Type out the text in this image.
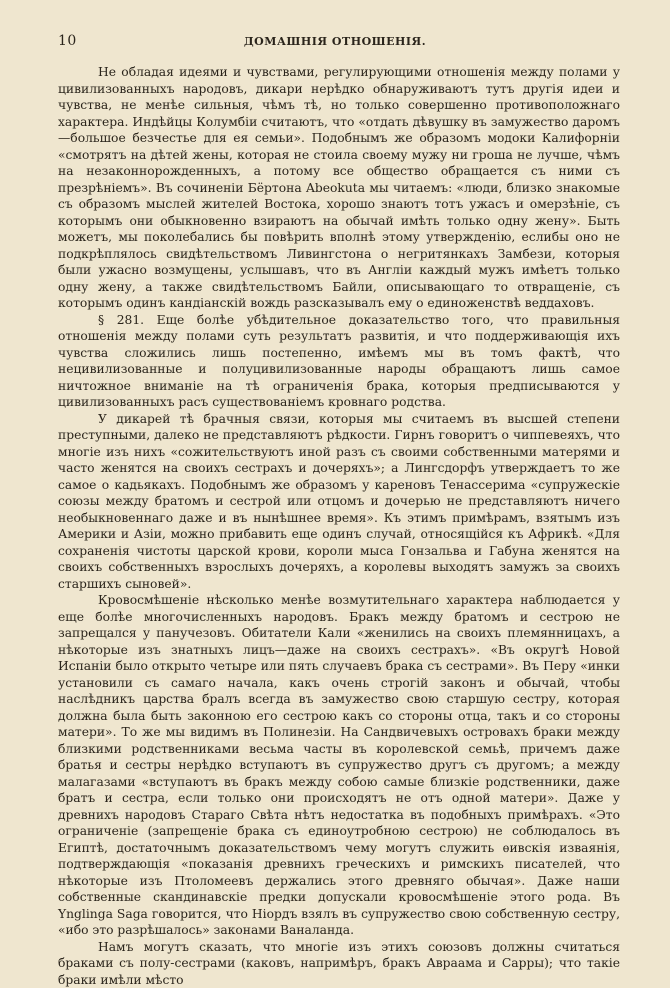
10	ДОМАШНІЯ ОТНОШЕНІЯ.

Не обладая идеями и чувствами, регулирующими отношенія между полами у цивилизованныхъ народовъ, дикари нерѣдко обнаруживаютъ тутъ другія идеи и чувства, не менѣе сильныя, чѣмъ тѣ, но только совершенно противоположнаго характера. Индѣйцы Колумбіи считаютъ, что «отдать дѣвушку въ замужество даромъ—большое безчестье для ея семьи». Подобнымъ же образомъ модоки Калифорніи «смотрятъ на дѣтей жены, которая не стоила своему мужу ни гроша не лучше, чѣмъ на незаконнорожденныхъ, а потому все общество обращается съ ними съ презрѣніемъ». Въ сочиненіи Бёртона Abeokuta мы читаемъ: «люди, близко знакомые съ образомъ мыслей жителей Востока, хорошо знаютъ тотъ ужасъ и омерзѣніе, съ которымъ они обыкновенно взираютъ на обычай имѣть только одну жену». Быть можетъ, мы поколебались бы повѣрить вполнѣ этому утвержденію, еслибы оно не подкрѣплялось свидѣтельствомъ Ливингстона о негритянкахъ Замбези, которыя были ужасно возмущены, услышавъ, что въ Англіи каждый мужъ имѣетъ только одну жену, а также свидѣтельствомъ Байли, описывающаго то отвращеніе, съ которымъ одинъ кандіанскій вождь разсказывалъ ему о единоженствѣ веддаховъ.

§ 281. Еще болѣе убѣдительное доказательство того, что правильныя отношенія между полами суть результатъ развитія, и что поддерживающія ихъ чувства сложились лишь постепенно, имѣемъ мы въ томъ фактѣ, что нецивилизованные и полуцивилизованные народы обращаютъ лишь самое ничтожное вниманіе на тѣ ограниченія брака, которыя предписываются у цивилизованныхъ расъ существованіемъ кровнаго родства.

У дикарей тѣ брачныя связи, которыя мы считаемъ въ высшей степени преступными, далеко не представляютъ рѣдкости. Гирнъ говоритъ о чиппевеяхъ, что многіе изъ нихъ «сожительствуютъ иной разъ съ своими собственными матерями и часто женятся на своихъ сестрахъ и дочеряхъ»; а Лингсдорфъ утверждаетъ то же самое о кадьякахъ. Подобнымъ же образомъ у кареновъ Тенассерима «супружескіе союзы между братомъ и сестрой или отцомъ и дочерью не представляютъ ничего необыкновеннаго даже и въ нынѣшнее время». Къ этимъ примѣрамъ, взятымъ изъ Америки и Азіи, можно прибавить еще одинъ случай, относящійся къ Африкѣ. «Для сохраненія чистоты царской крови, короли мыса Гонзальва и Габуна женятся на своихъ собственныхъ взрослыхъ дочеряхъ, а королевы выходятъ замужъ за своихъ старшихъ сыновей».

Кровосмѣшеніе нѣсколько менѣе возмутительнаго характера наблюдается у еще болѣе многочисленныхъ народовъ. Бракъ между братомъ и сестрою не запрещался у панучезовъ. Обитатели Кали «женились на своихъ племянницахъ, а нѣкоторые изъ знатныхъ лицъ—даже на своихъ сестрахъ». «Въ округѣ Новой Испаніи было открыто четыре или пять случаевъ брака съ сестрами». Въ Перу «инки установили съ самаго начала, какъ очень строгій законъ и обычай, чтобы наслѣдникъ царства бралъ всегда въ замужество свою старшую сестру, которая должна была быть законною его сестрою какъ со стороны отца, такъ и со стороны матери». То же мы видимъ въ Полинезіи. На Сандвичевыхъ островахъ браки между близкими родственниками весьма часты въ королевской семьѣ, причемъ даже братья и сестры нерѣдко вступаютъ въ супружество другъ съ другомъ; а между малагазами «вступаютъ въ бракъ между собою самые близкіе родственники, даже братъ и сестра, если только они происходятъ не отъ одной матери». Даже у древнихъ народовъ Стараго Свѣта нѣтъ недостатка въ подобныхъ примѣрахъ. «Это ограниченіе (запрещеніе брака съ единоутробною сестрою) не соблюдалось въ Египтѣ, достаточнымъ доказательствомъ чему могутъ служить ѳивскія изваянія, подтверждающія «показанія древнихъ греческихъ и римскихъ писателей, что нѣкоторые изъ Птоломеевъ держались этого древняго обычая». Даже наши собственные скандинавскіе предки допускали кровосмѣшеніе этого рода. Въ Ynglinga Saga говорится, что Ніордъ взялъ въ супружество свою собственную сестру, «ибо это разрѣшалось» законами Ваналанда.

Намъ могутъ сказать, что многіе изъ этихъ союзовъ должны считаться браками съ полу-сестрами (каковъ, напримѣръ, бракъ Авраама и Сарры); что такіе браки имѣли мѣсто
